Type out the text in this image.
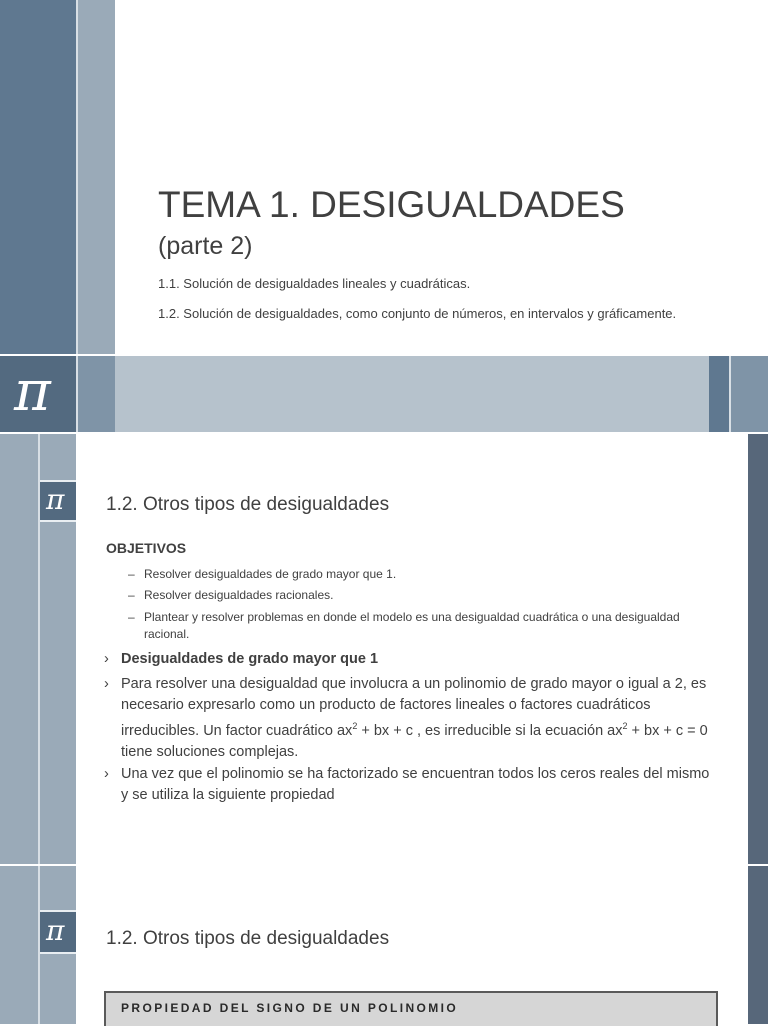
π
TEMA 1. DESIGUALDADES
(parte 2)
1.1. Solución de desigualdades lineales y cuadráticas.
1.2. Solución de desigualdades, como conjunto de números, en intervalos y gráficamente.
π 1.2. Otros tipos de desigualdades
OBJETIVOS
– Resolver desigualdades de grado mayor que 1.
– Resolver desigualdades racionales.
– Plantear y resolver problemas en donde el modelo es una desigualdad cuadrática o una desigualdad racional.
› Desigualdades de grado mayor que 1
› Para resolver una desigualdad que involucra a un polinomio de grado mayor o igual a 2, es necesario expresarlo como un producto de factores lineales o factores cuadráticos irreducibles. Un factor cuadrático $ax^2$ + bx + c , es irreducible si la ecuación $ax^2$ + bx + c = 0 tiene soluciones complejas.
› Una vez que el polinomio se ha factorizado se encuentran todos los ceros reales del mismo y se utiliza la siguiente propiedad
π 1.2. Otros tipos de desigualdades
PROPIEDAD DEL SIGNO DE UN POLINOMIO
